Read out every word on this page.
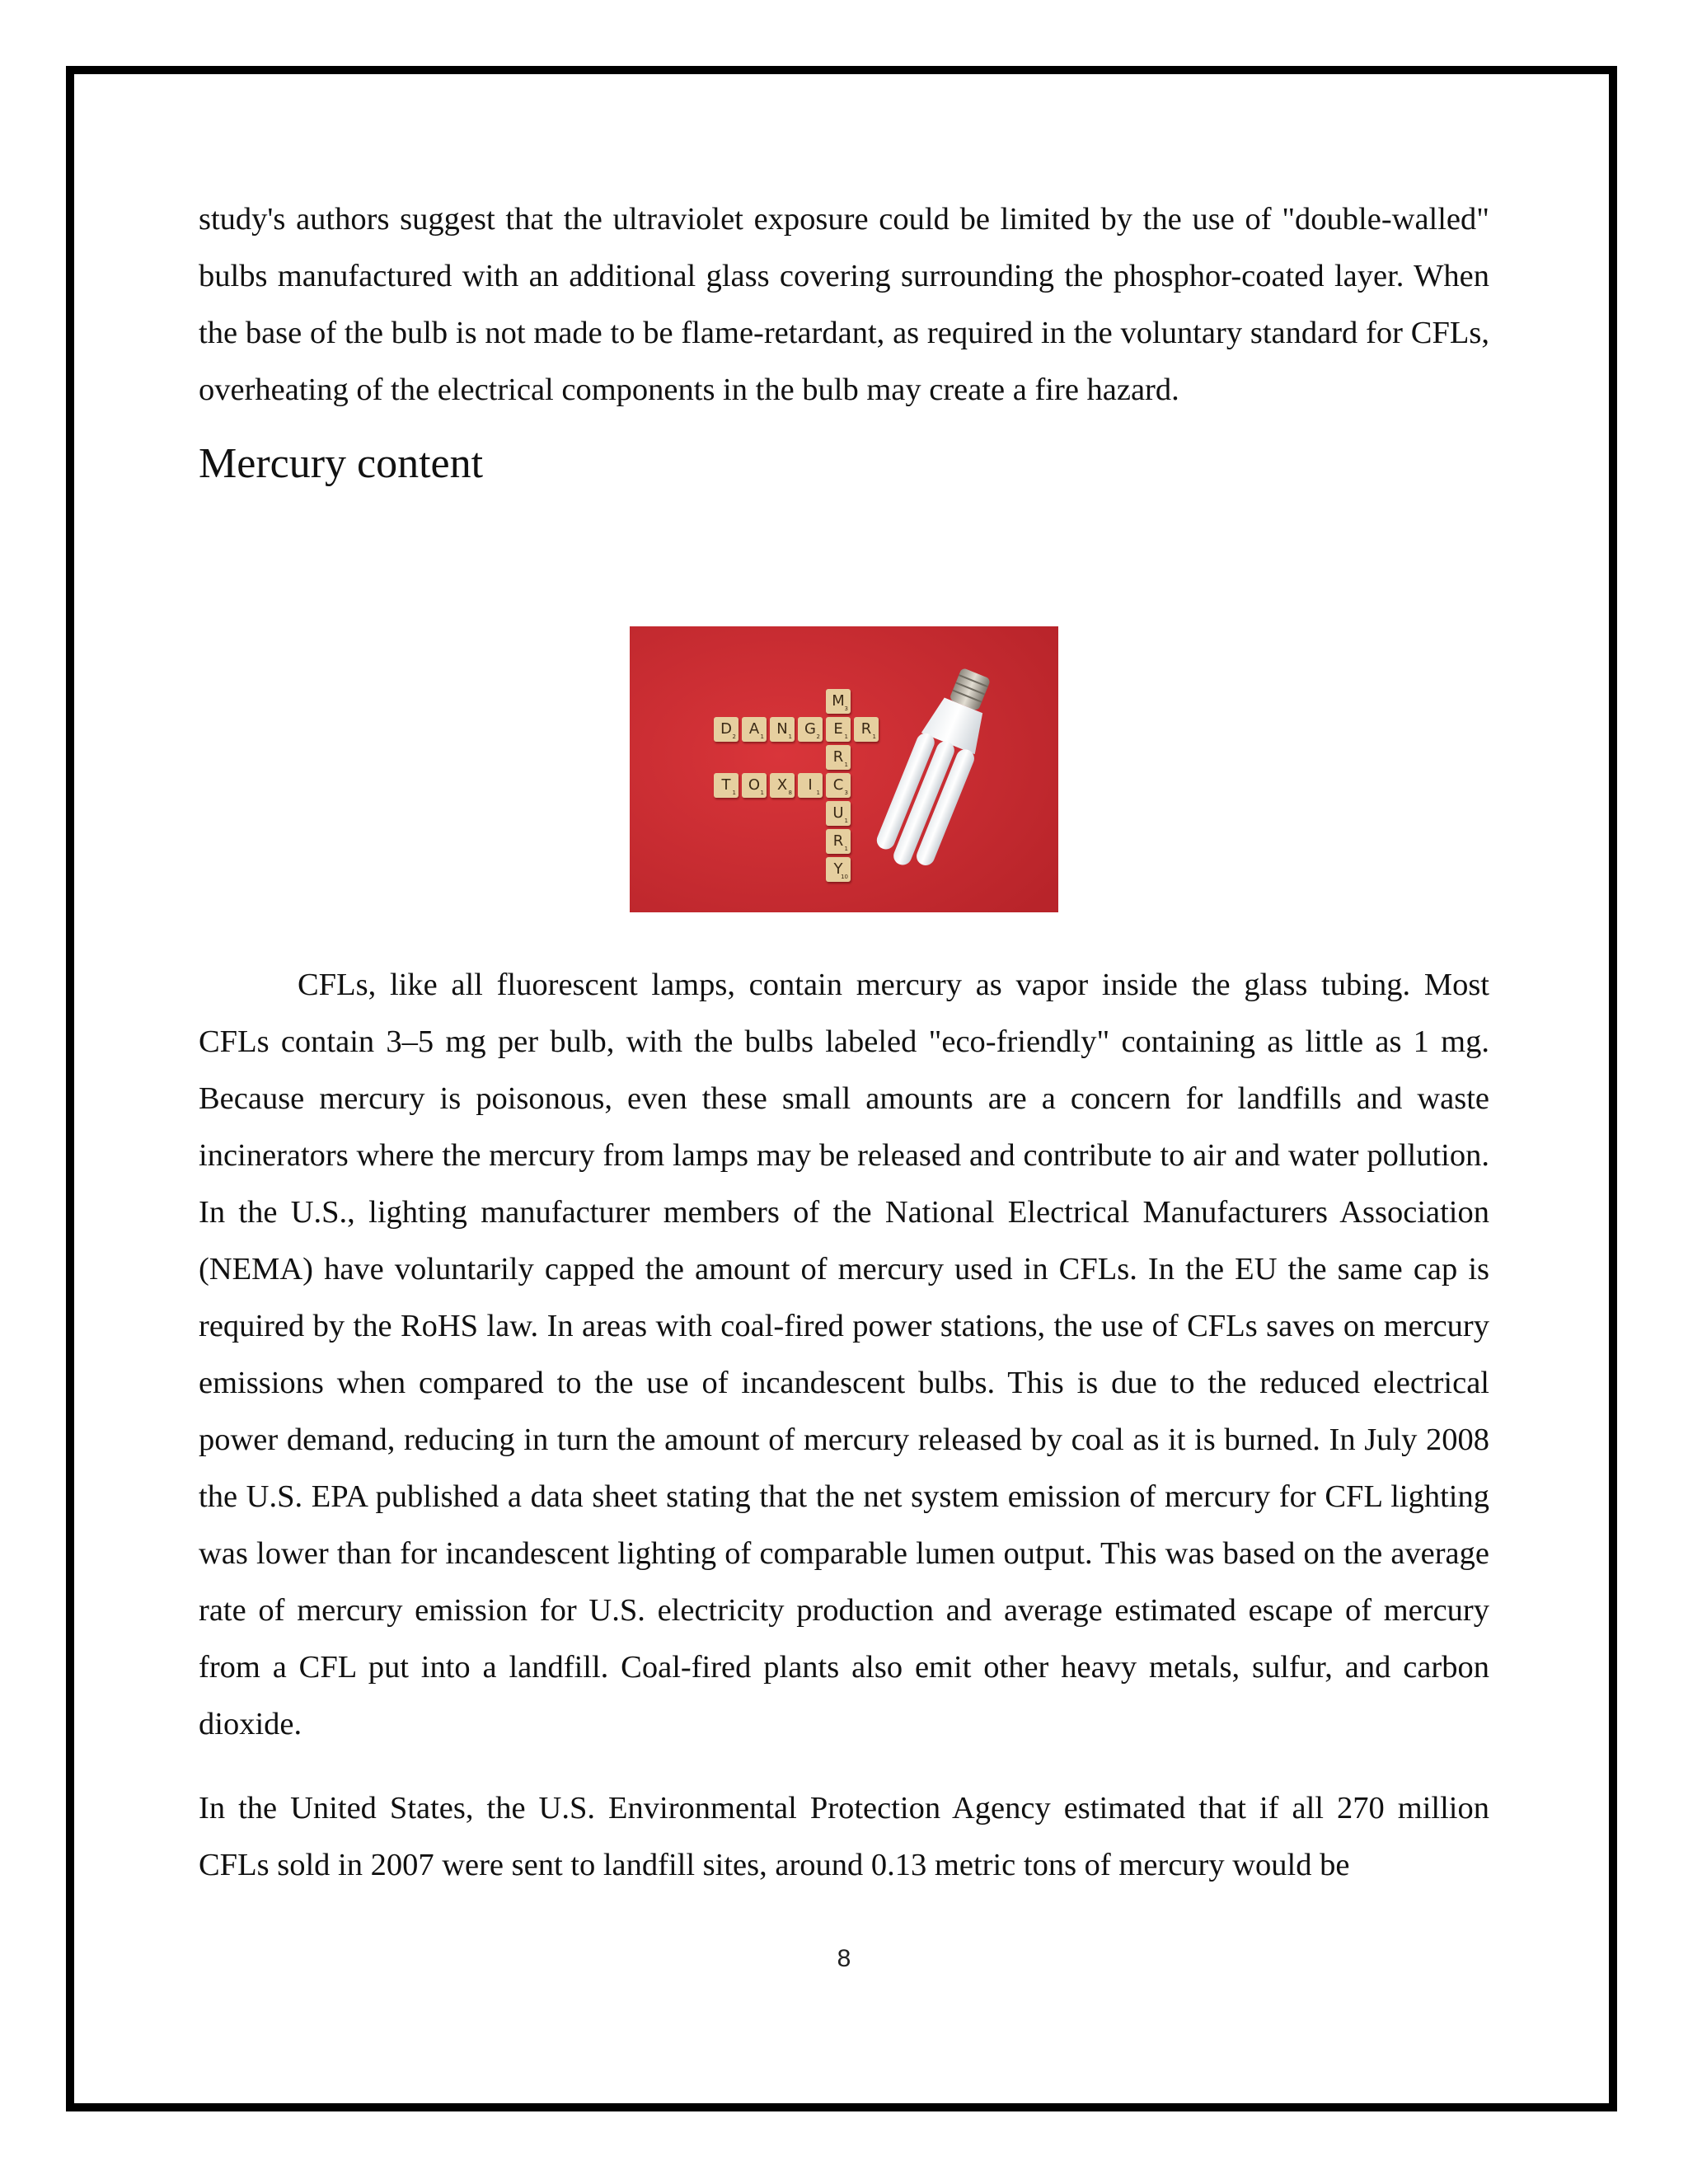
study's authors suggest that the ultraviolet exposure could be limited by the use of "double-walled" bulbs manufactured with an additional glass covering surrounding the phosphor-coated layer. When the base of the bulb is not made to be flame-retardant, as required in the voluntary standard for CFLs, overheating of the electrical components in the bulb may create a fire hazard.

Mercury content
D 2 A 1 N 1 G 2 E 1 R 1
M 3
R 1
C 3
U 1
R 1
Y
10
T 1 O 1 X 8	I 1

CFLs, like all fluorescent lamps, contain mercury as vapor inside the glass tubing. Most CFLs contain 3–5 mg per bulb, with the bulbs labeled "eco-friendly" containing as little as 1 mg. Because mercury is poisonous, even these small amounts are a concern for landfills and waste incinerators where the mercury from lamps may be released and contribute to air and water pollution. In the U.S., lighting manufacturer members of the National Electrical Manufacturers Association (NEMA) have voluntarily capped the amount of mercury used in CFLs. In the EU the same cap is required by the RoHS law. In areas with coal-fired power stations, the use of CFLs saves on mercury emissions when compared to the use of incandescent bulbs. This is due to the reduced electrical power demand, reducing in turn the amount of mercury released by coal as it is burned. In July 2008 the U.S. EPA published a data sheet stating that the net system emission of mercury for CFL lighting was lower than for incandescent lighting of comparable lumen output. This was based on the average rate of mercury emission for U.S. electricity production and average estimated escape of mercury from a CFL put into a landfill. Coal-fired plants also emit other heavy metals, sulfur, and carbon dioxide.

In the United States, the U.S. Environmental Protection Agency estimated that if all 270 million CFLs sold in 2007 were sent to landfill sites, around 0.13 metric tons of mercury would be

8
